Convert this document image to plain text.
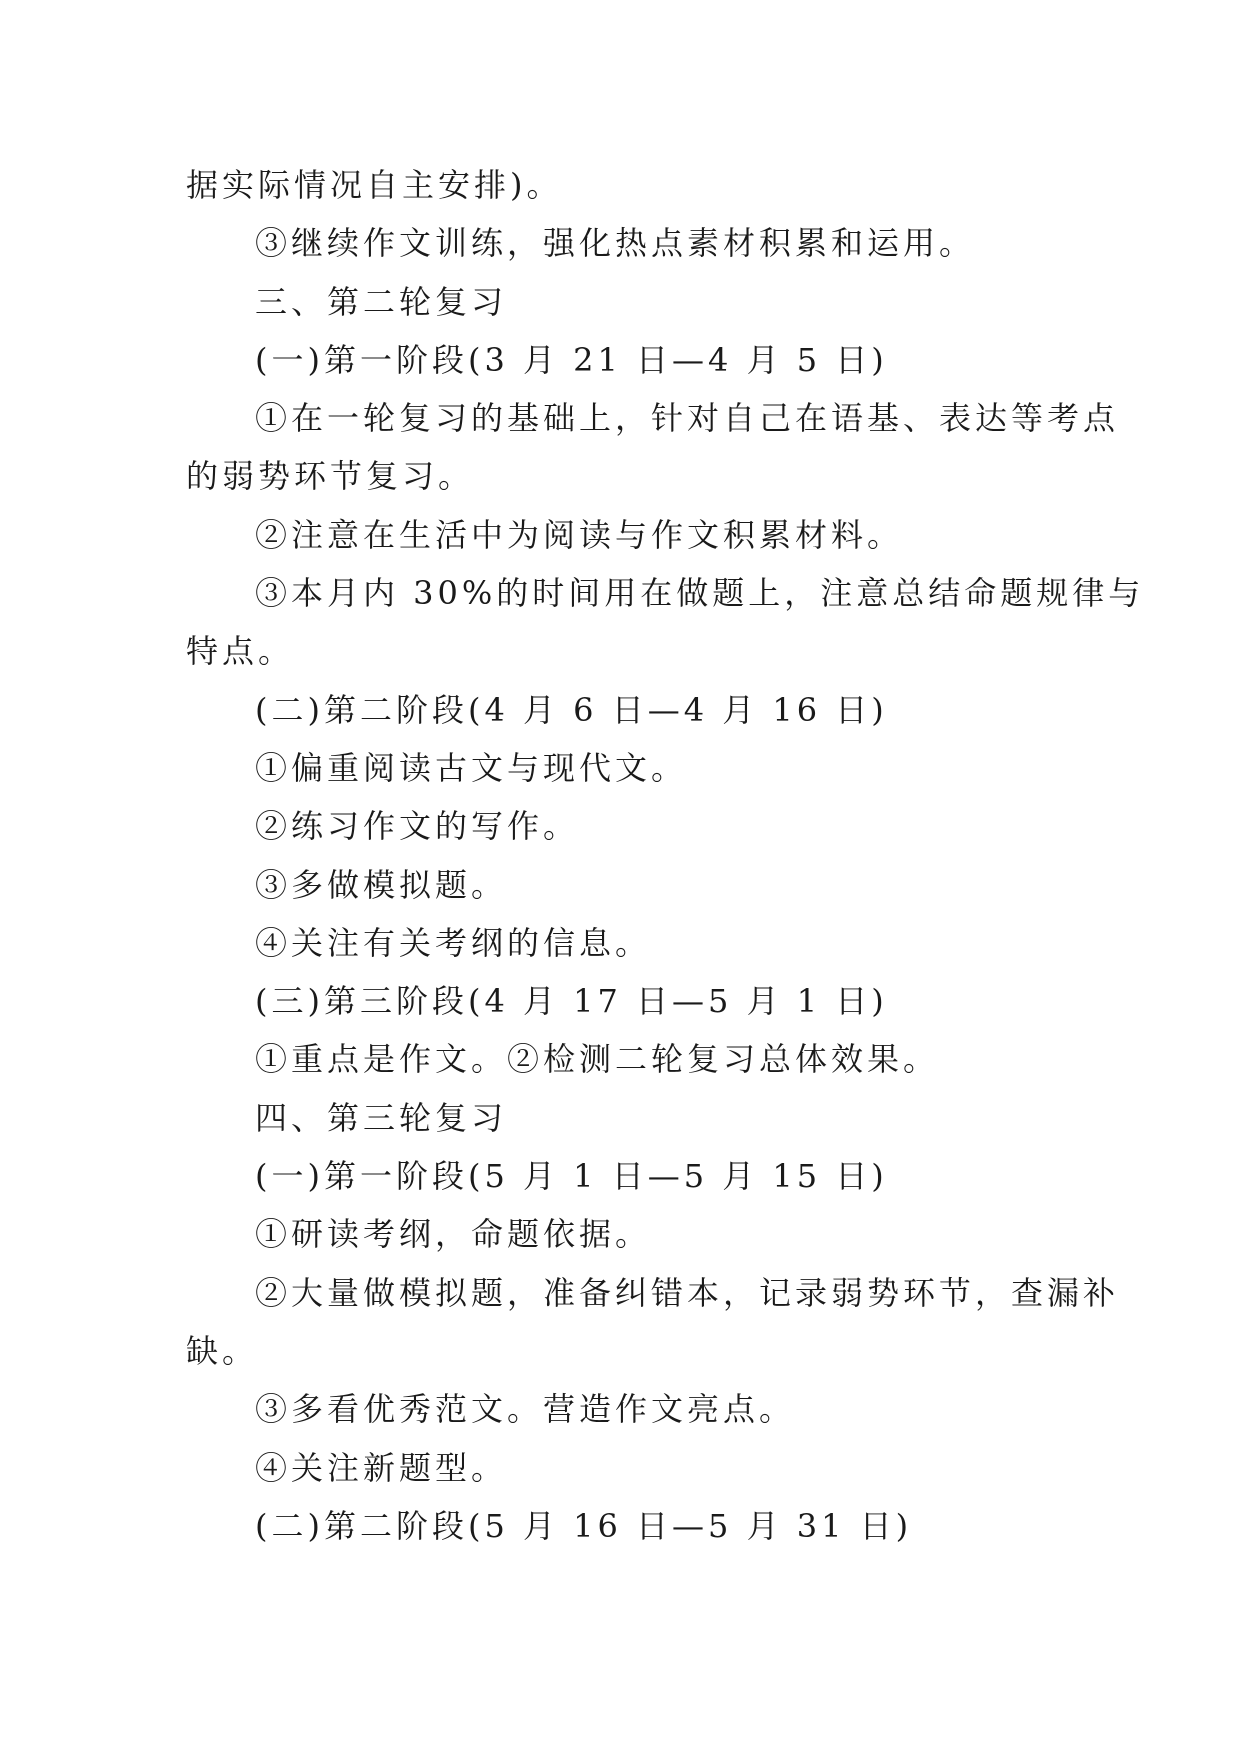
据实际情况自主安排)。
③继续作文训练，强化热点素材积累和运用。
三、第二轮复习
(一)第一阶段(3 月 21 日—4 月 5 日)
①在一轮复习的基础上，针对自己在语基、表达等考点
的弱势环节复习。
②注意在生活中为阅读与作文积累材料。
③本月内 30%的时间用在做题上，注意总结命题规律与
特点。
(二)第二阶段(4 月 6 日—4 月 16 日)
①偏重阅读古文与现代文。
②练习作文的写作。
③多做模拟题。
④关注有关考纲的信息。
(三)第三阶段(4 月 17 日—5 月 1 日)
①重点是作文。②检测二轮复习总体效果。
四、第三轮复习
(一)第一阶段(5 月 1 日—5 月 15 日)
①研读考纲，命题依据。
②大量做模拟题，准备纠错本，记录弱势环节，查漏补
缺。
③多看优秀范文。营造作文亮点。
④关注新题型。
(二)第二阶段(5 月 16 日—5 月 31 日)
